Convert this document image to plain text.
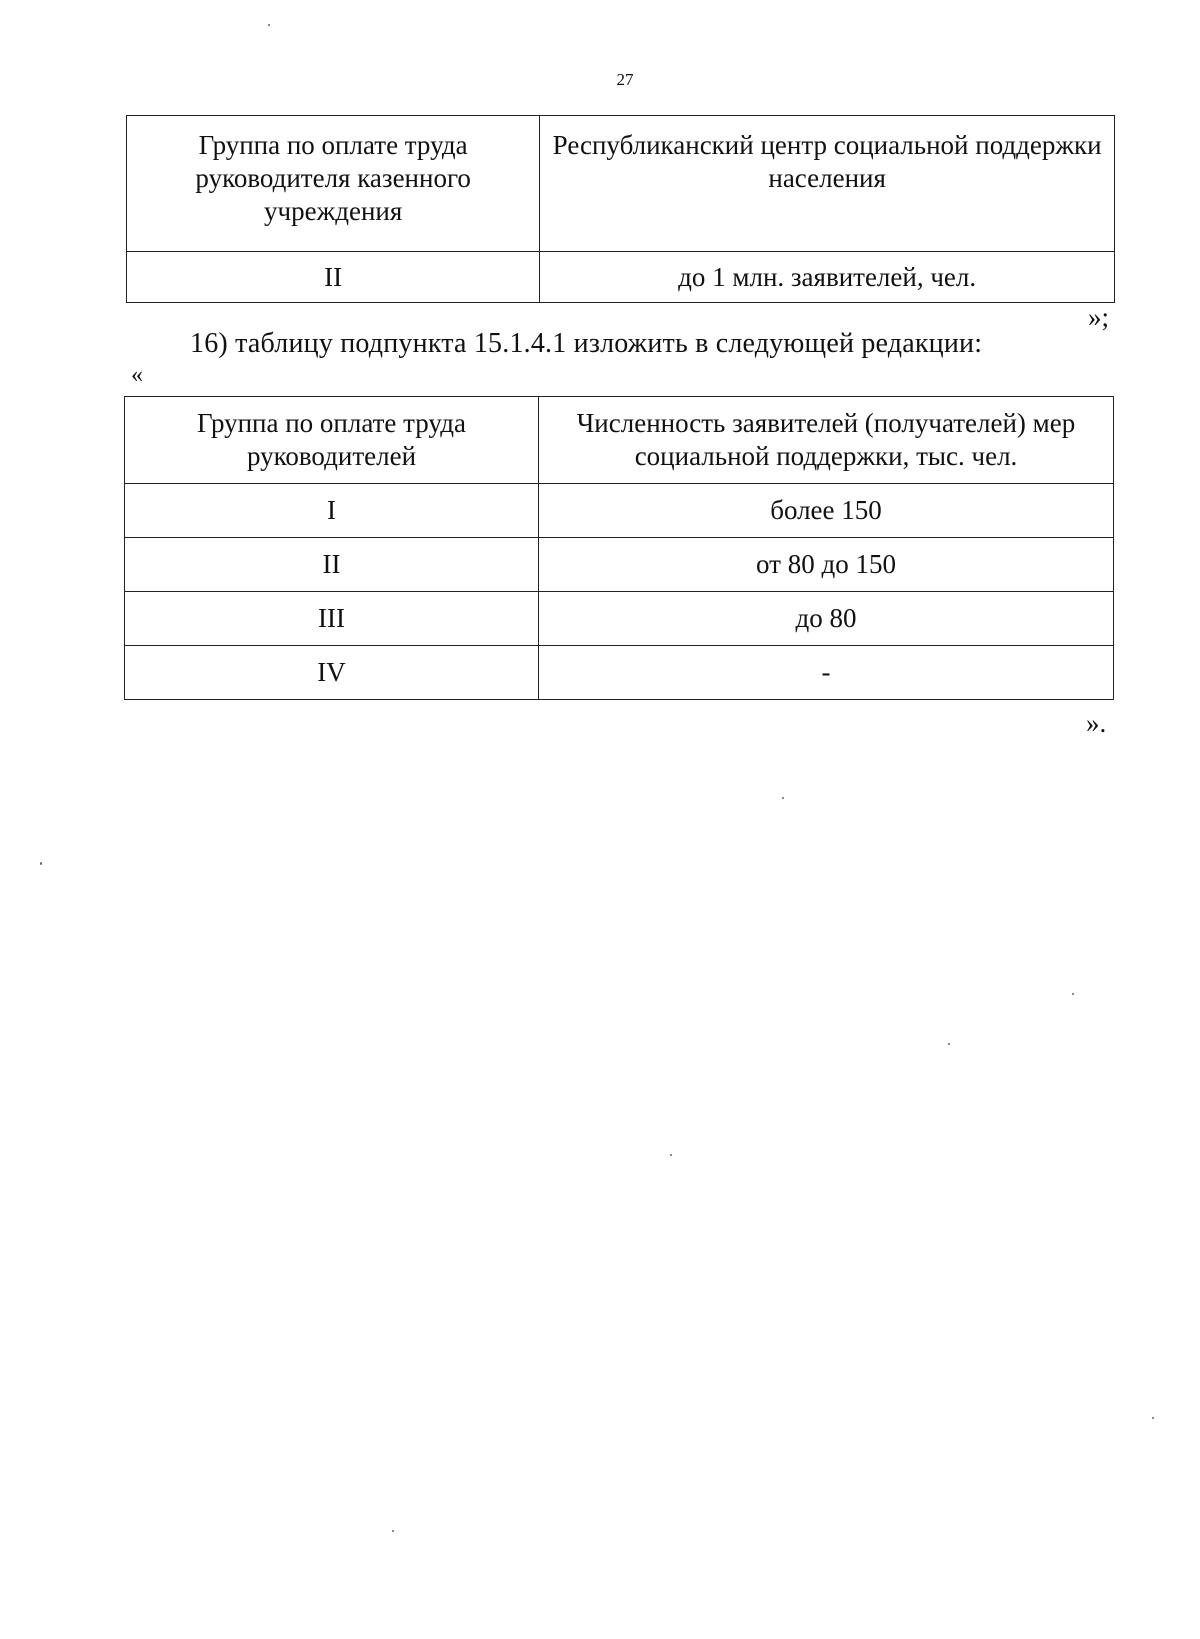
27
Группа по оплате труда руководителя казенного учреждения	Республиканский центр социальной поддержки населения
II	до 1 млн. заявителей, чел.
»;
16) таблицу подпункта 15.1.4.1 изложить в следующей редакции:
«
Группа по оплате труда руководителей	Численность заявителей (получателей) мер социальной поддержки, тыс. чел.
I	более 150
II	от 80 до 150
III	до 80
IV	-
».
